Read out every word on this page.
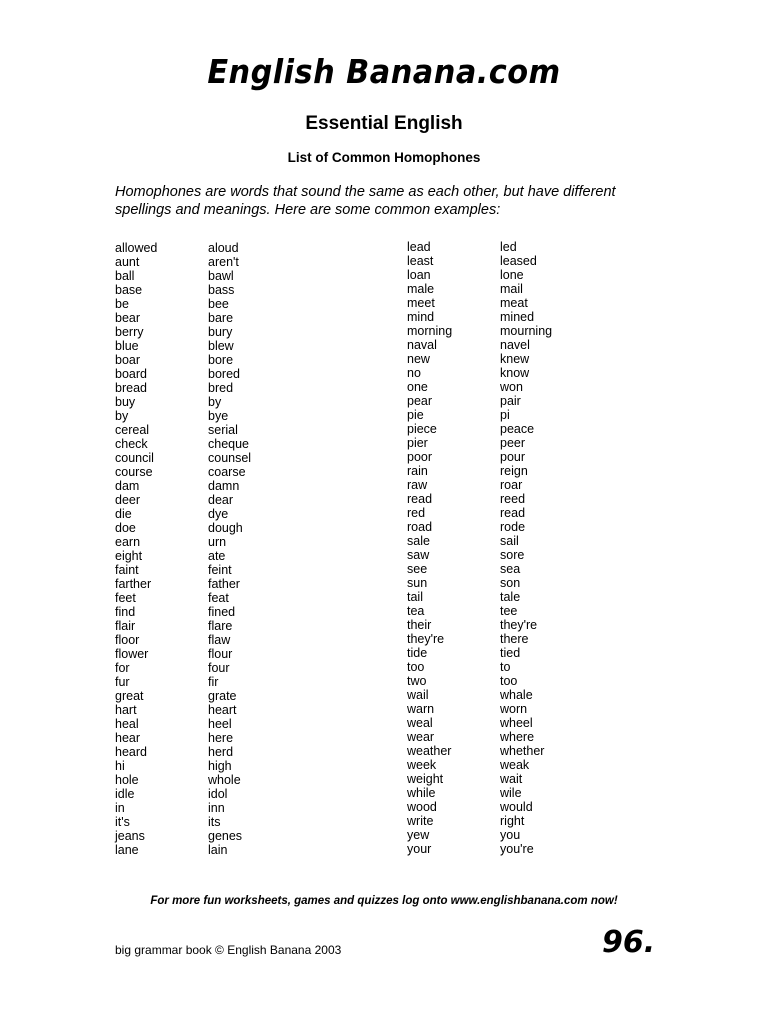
English Banana.com
Essential English
List of Common Homophones
Homophones are words that sound the same as each other, but have different spellings and meanings. Here are some common examples:
allowed
aunt
ball
base
be
bear
berry
blue
boar
board
bread
buy
by
cereal
check
council
course
dam
deer
die
doe
earn
eight
faint
farther
feet
find
flair
floor
flower
for
fur
great
hart
heal
hear
heard
hi
hole
idle
in
it's
jeans
lane
aloud
aren't
bawl
bass
bee
bare
bury
blew
bore
bored
bred
by
bye
serial
cheque
counsel
coarse
damn
dear
dye
dough
urn
ate
feint
father
feat
fined
flare
flaw
flour
four
fir
grate
heart
heel
here
herd
high
whole
idol
inn
its
genes
lain
lead
least
loan
male
meet
mind
morning
naval
new
no
one
pear
pie
piece
pier
poor
rain
raw
read
red
road
sale
saw
see
sun
tail
tea
their
they're
tide
too
two
wail
warn
weal
wear
weather
week
weight
while
wood
write
yew
your
led
leased
lone
mail
meat
mined
mourning
navel
knew
know
won
pair
pi
peace
peer
pour
reign
roar
reed
read
rode
sail
sore
sea
son
tale
tee
they're
there
tied
to
too
whale
worn
wheel
where
whether
weak
wait
wile
would
right
you
you're
For more fun worksheets, games and quizzes log onto www.englishbanana.com now!
big grammar book © English Banana 2003	96.
